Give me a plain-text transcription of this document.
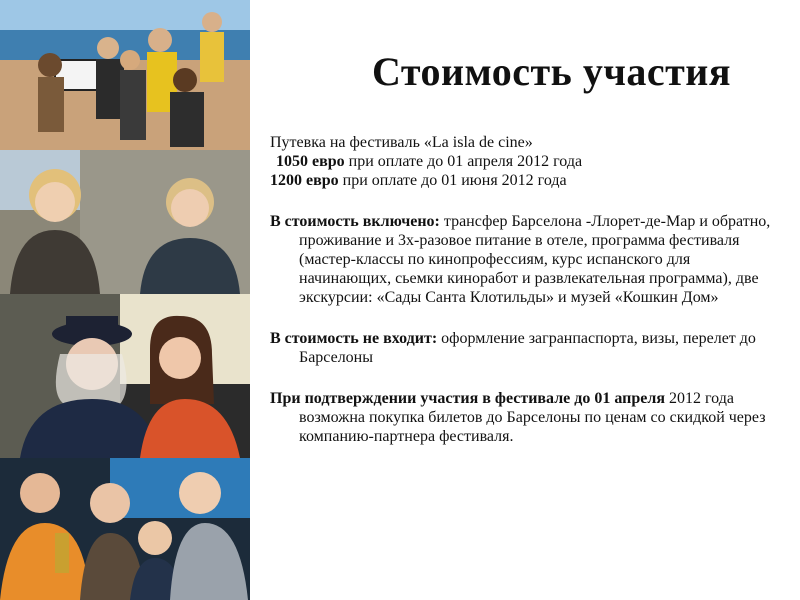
Стоимость участия

Путевка на фестиваль «La isla de cine»

1050 евро при оплате до 01 апреля 2012 года

1200 евро при оплате до 01 июня 2012 года

В стоимость включено: трансфер Барселона -Ллорет-де-Мар и обратно, проживание и 3х-разовое питание в отеле, программа фестиваля (мастер-классы по кинопрофессиям, курс испанского для начинающих, сьемки киноработ и развлекательная программа), две экскурсии: «Сады Санта Клотильды» и музей «Кошкин Дом»

В стоимость не входит: оформление загранпаспорта, визы, перелет до Барселоны

При подтверждении участия в фестивале до 01 апреля 2012 года возможна покупка билетов до Барселоны по ценам со скидкой через компанию-партнера фестиваля.
